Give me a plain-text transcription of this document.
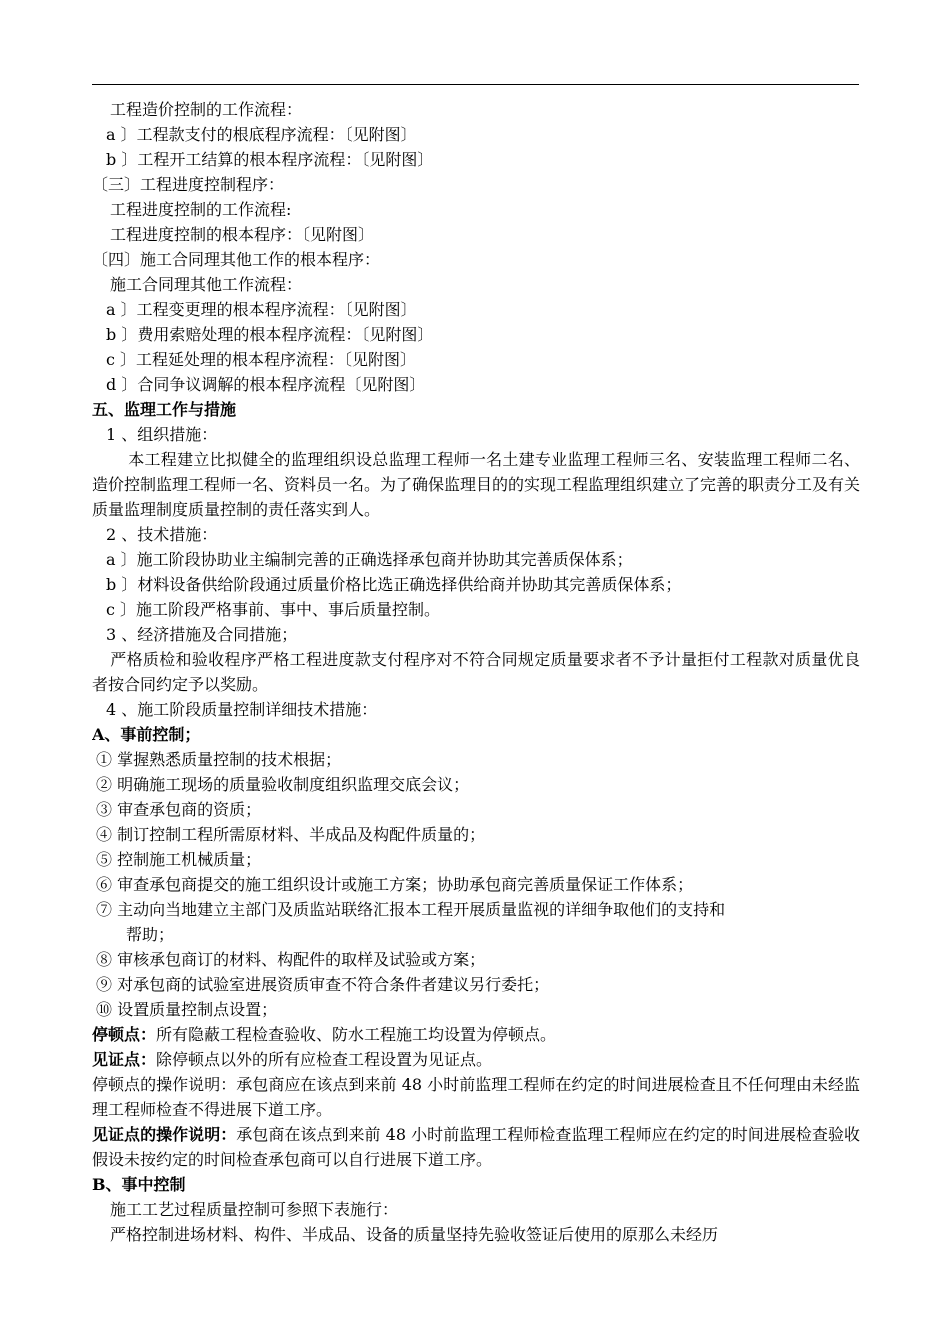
工程造价控制的工作流程：
a 〕工程款支付的根底程序流程：〔见附图〕
b 〕工程开工结算的根本程序流程：〔见附图〕
〔三〕工程进度控制程序：
工程进度控制的工作流程:
工程进度控制的根本程序：〔见附图〕
〔四〕施工合同理其他工作的根本程序：
施工合同理其他工作流程：
a 〕工程变更理的根本程序流程：〔见附图〕
b 〕费用索赔处理的根本程序流程：〔见附图〕
c 〕工程延处理的根本程序流程：〔见附图〕
d 〕合同争议调解的根本程序流程〔见附图〕
五、监理工作与措施
1 、组织措施：
本工程建立比拟健全的监理组织设总监理工程师一名土建专业监理工程师三名、安装监理工程师二名、造价控制监理工程师一名、资料员一名。为了确保监理目的的实现工程监理组织建立了完善的职责分工及有关质量监理制度质量控制的责任落实到人。
2 、技术措施：
a 〕施工阶段协助业主编制完善的正确选择承包商并协助其完善质保体系；
b 〕材料设备供给阶段通过质量价格比选正确选择供给商并协助其完善质保体系；
c 〕施工阶段严格事前、事中、事后质量控制。
3 、经济措施及合同措施；
严格质检和验收程序严格工程进度款支付程序对不符合同规定质量要求者不予计量拒付工程款对质量优良者按合同约定予以奖励。
4 、施工阶段质量控制详细技术措施：
A、事前控制；
① 掌握熟悉质量控制的技术根据；
② 明确施工现场的质量验收制度组织监理交底会议；
③ 审查承包商的资质；
④ 制订控制工程所需原材料、半成品及构配件质量的；
⑤ 控制施工机械质量；
⑥ 审查承包商提交的施工组织设计或施工方案；协助承包商完善质量保证工作体系；
⑦ 主动向当地建立主部门及质监站联络汇报本工程开展质量监视的详细争取他们的支持和
帮助；
⑧ 审核承包商订的材料、构配件的取样及试验或方案；
⑨ 对承包商的试验室进展资质审查不符合条件者建议另行委托；
⑩ 设置质量控制点设置；
停顿点：所有隐蔽工程检查验收、防水工程施工均设置为停顿点。
见证点：除停顿点以外的所有应检查工程设置为见证点。
停顿点的操作说明：承包商应在该点到来前 48 小时前监理工程师在约定的时间进展检查且不任何理由未经监理工程师检查不得进展下道工序。
见证点的操作说明：承包商在该点到来前 48 小时前监理工程师检查监理工程师应在约定的时间进展检查验收假设未按约定的时间检查承包商可以自行进展下道工序。
B、事中控制
施工工艺过程质量控制可参照下表施行：
严格控制进场材料、构件、半成品、设备的质量坚持先验收签证后使用的原那么未经历
